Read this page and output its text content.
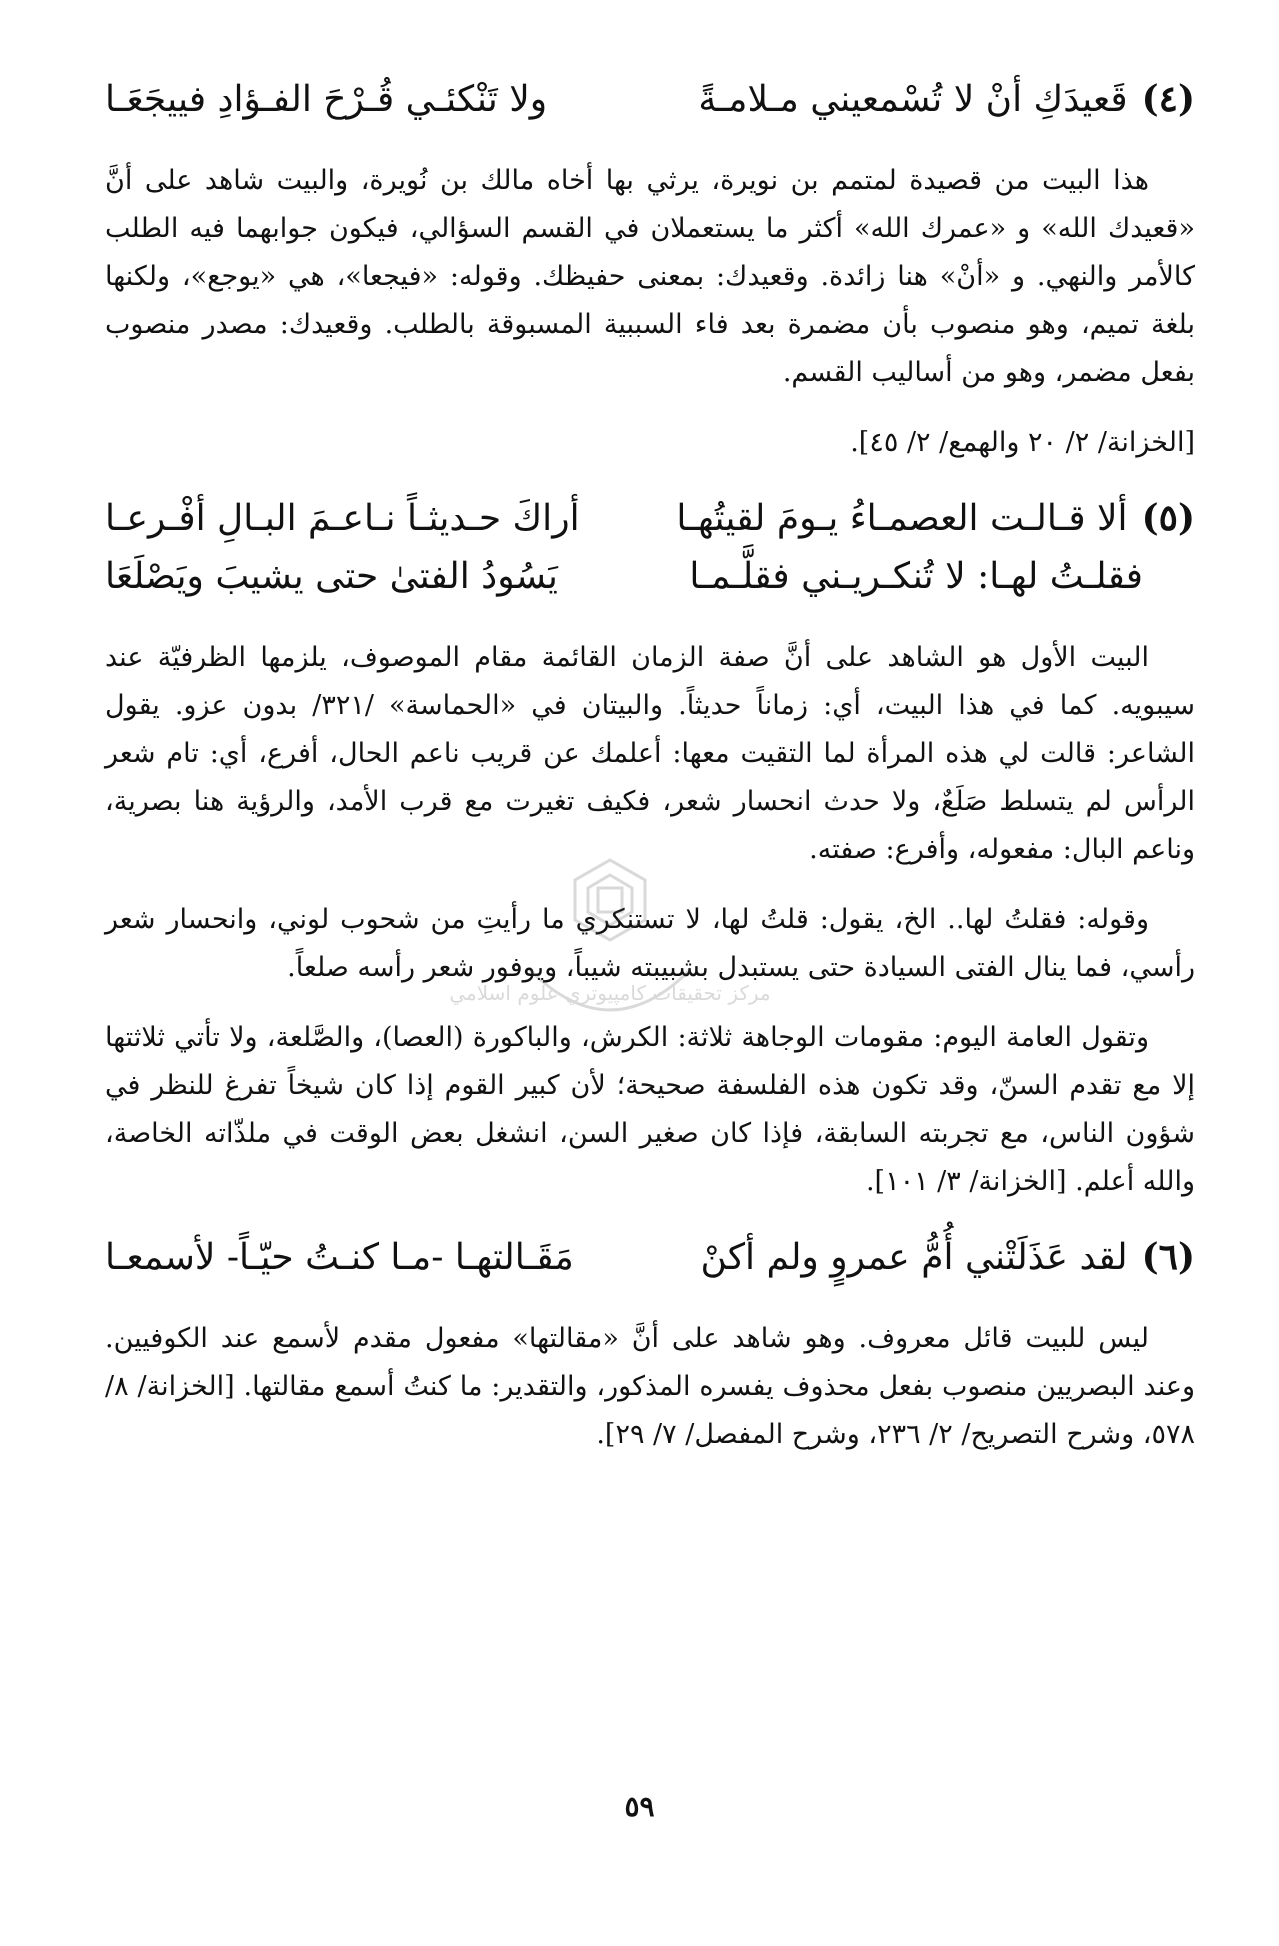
(٤)قَعيدَكِ أنْ لا تُسْمعيني مـلامـةً
ولا تَنْكئـي قُـرْحَ الفـؤادِ فييجَعَـا

هذا البيت من قصيدة لمتمم بن نويرة، يرثي بها أخاه مالك بن نُويرة، والبيت شاهد على أنَّ «قعيدك الله» و «عمرك الله» أكثر ما يستعملان في القسم السؤالي، فيكون جوابهما فيه الطلب كالأمر والنهي. و «أنْ» هنا زائدة. وقعيدك: بمعنى حفيظك. وقوله: «فيجعا»، هي «يوجع»، ولكنها بلغة تميم، وهو منصوب بأن مضمرة بعد فاء السببية المسبوقة بالطلب. وقعيدك: مصدر منصوب بفعل مضمر، وهو من أساليب القسم.

[الخزانة/ ٢/ ٢٠ والهمع/ ٢/ ٤٥].

(٥)ألا قـالـت العصمـاءُ يـومَ لقيتُهـا
أراكَ حـديثـاً نـاعـمَ البـالِ أفْـرعـا
فقلـتُ لهـا: لا تُنكـريـني فقلَّـمـا
يَسُودُ الفتىٰ حتى يشيبَ ويَصْلَعَا

البيت الأول هو الشاهد على أنَّ صفة الزمان القائمة مقام الموصوف، يلزمها الظرفيّة عند سيبويه. كما في هذا البيت، أي: زماناً حديثاً. والبيتان في «الحماسة» /٣٢١/ بدون عزو. يقول الشاعر: قالت لي هذه المرأة لما التقيت معها: أعلمك عن قريب ناعم الحال، أفرع، أي: تام شعر الرأس لم يتسلط صَلَعٌ، ولا حدث انحسار شعر، فكيف تغيرت مع قرب الأمد، والرؤية هنا بصرية، وناعم البال: مفعوله، وأفرع: صفته.

وقوله: فقلتُ لها.. الخ، يقول: قلتُ لها، لا تستنكري ما رأيتِ من شحوب لوني، وانحسار شعر رأسي، فما ينال الفتى السيادة حتى يستبدل بشبيبته شيباً، ويوفور شعر رأسه صلعاً.

وتقول العامة اليوم: مقومات الوجاهة ثلاثة: الكرش، والباكورة (العصا)، والصَّلعة، ولا تأتي ثلاثتها إلا مع تقدم السنّ، وقد تكون هذه الفلسفة صحيحة؛ لأن كبير القوم إذا كان شيخاً تفرغ للنظر في شؤون الناس، مع تجربته السابقة، فإذا كان صغير السن، انشغل بعض الوقت في ملذّاته الخاصة، والله أعلم. [الخزانة/ ٣/ ١٠١].

(٦)لقد عَذَلَتْني أُمُّ عمروٍ ولم أكنْ
مَقَـالتهـا -مـا كنـتُ حيّـاً- لأسمعـا

ليس للبيت قائل معروف. وهو شاهد على أنَّ «مقالتها» مفعول مقدم لأسمع عند الكوفيين. وعند البصريين منصوب بفعل محذوف يفسره المذكور، والتقدير: ما كنتُ أسمع مقالتها. [الخزانة/ ٨/ ٥٧٨، وشرح التصريح/ ٢/ ٢٣٦، وشرح المفصل/ ٧/ ٢٩].

مركز تحقيقات كامپيوتري علوم اسلامي
٥٩
